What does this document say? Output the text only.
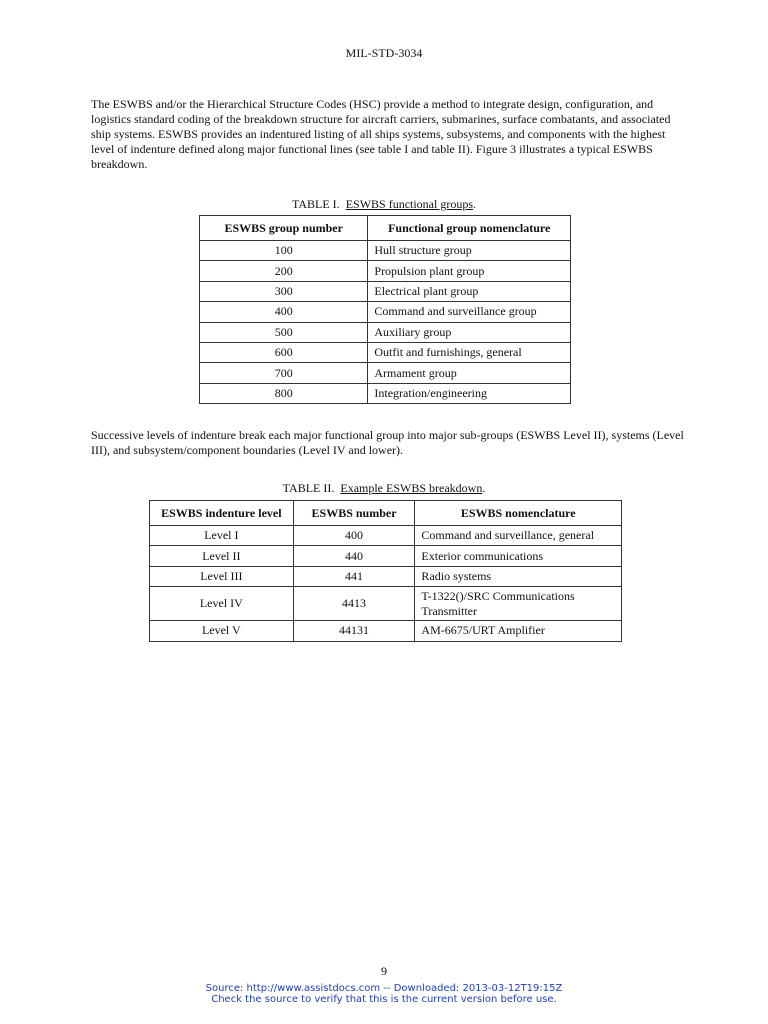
MIL-STD-3034

The ESWBS and/or the Hierarchical Structure Codes (HSC) provide a method to integrate design, configuration, and logistics standard coding of the breakdown structure for aircraft carriers, submarines, surface combatants, and associated ship systems. ESWBS provides an indentured listing of all ships systems, subsystems, and components with the highest level of indenture defined along major functional lines (see table I and table II). Figure 3 illustrates a typical ESWBS breakdown.

TABLE I. ESWBS functional groups.
ESWBS group number	Functional group nomenclature
100	Hull structure group
200	Propulsion plant group
300	Electrical plant group
400	Command and surveillance group
500	Auxiliary group
600	Outfit and furnishings, general
700	Armament group
800	Integration/engineering

Successive levels of indenture break each major functional group into major sub-groups (ESWBS Level II), systems (Level III), and subsystem/component boundaries (Level IV and lower).

TABLE II. Example ESWBS breakdown.
ESWBS indenture level	ESWBS number	ESWBS nomenclature
Level I	400	Command and surveillance, general
Level II	440	Exterior communications
Level III	441	Radio systems
Level IV	4413	T-1322()/SRC Communications Transmitter
Level V	44131	AM-6675/URT Amplifier
9
Source: http://www.assistdocs.com -- Downloaded: 2013-03-12T19:15Z
Check the source to verify that this is the current version before use.
